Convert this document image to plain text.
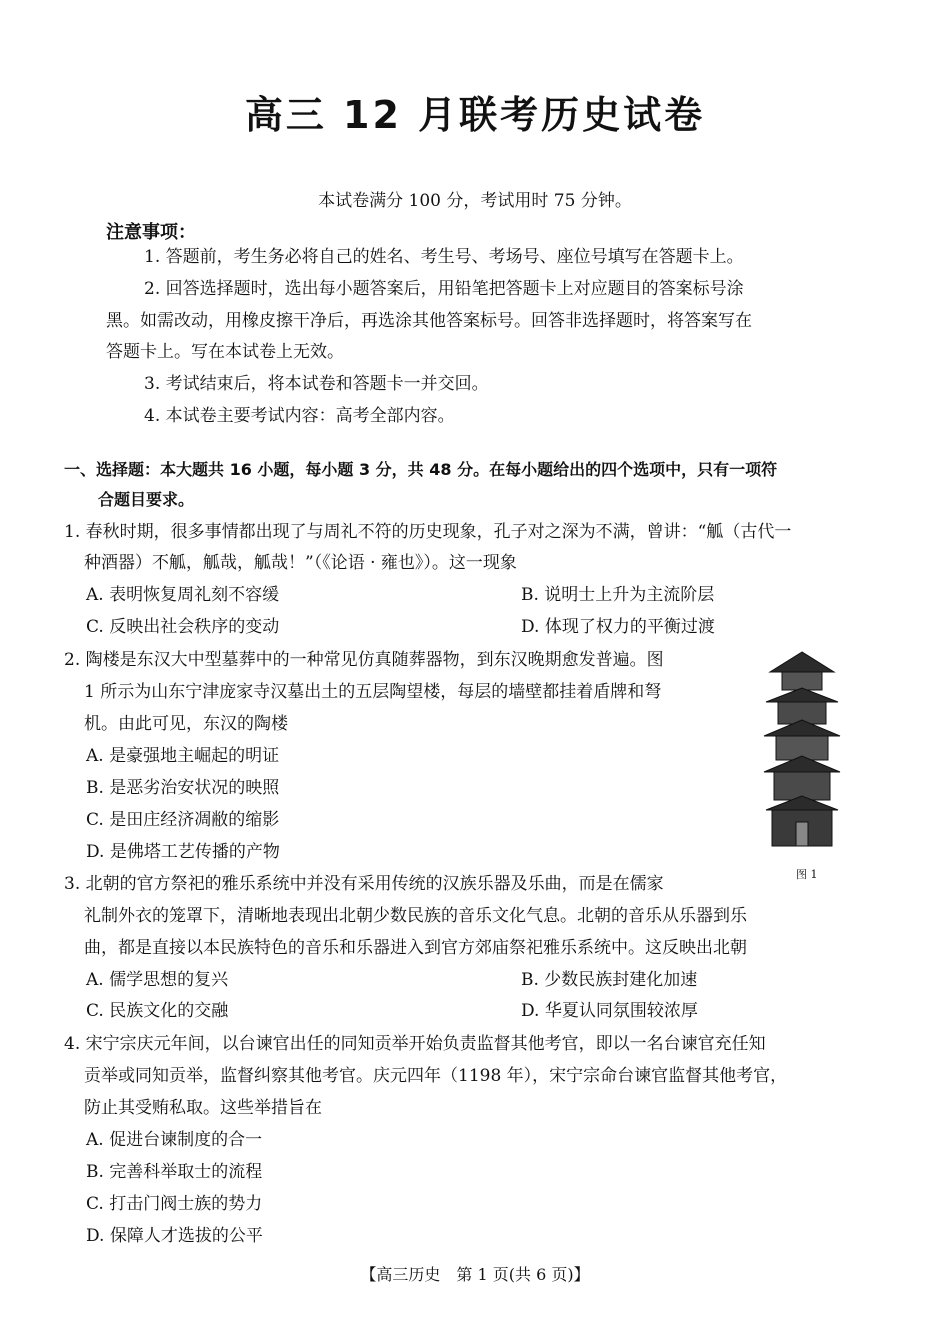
高三 12 月联考历史试卷
本试卷满分 100 分，考试用时 75 分钟。
注意事项：
1. 答题前，考生务必将自己的姓名、考生号、考场号、座位号填写在答题卡上。
2. 回答选择题时，选出每小题答案后，用铅笔把答题卡上对应题目的答案标号涂
黑。如需改动，用橡皮擦干净后，再选涂其他答案标号。回答非选择题时，将答案写在
答题卡上。写在本试卷上无效。
3. 考试结束后，将本试卷和答题卡一并交回。
4. 本试卷主要考试内容：高考全部内容。
一、选择题：本大题共 16 小题，每小题 3 分，共 48 分。在每小题给出的四个选项中，只有一项符
合题目要求。
1. 春秋时期，很多事情都出现了与周礼不符的历史现象，孔子对之深为不满，曾讲：“觚（古代一
种酒器）不觚，觚哉，觚哉！”（《论语 · 雍也》）。这一现象
A. 表明恢复周礼刻不容缓	B. 说明士上升为主流阶层
C. 反映出社会秩序的变动	D. 体现了权力的平衡过渡
2. 陶楼是东汉大中型墓葬中的一种常见仿真随葬器物，到东汉晚期愈发普遍。图
1 所示为山东宁津庞家寺汉墓出土的五层陶望楼，每层的墙壁都挂着盾牌和弩
机。由此可见，东汉的陶楼
A. 是豪强地主崛起的明证
B. 是恶劣治安状况的映照
C. 是田庄经济凋敝的缩影
D. 是佛塔工艺传播的产物
图 1
3. 北朝的官方祭祀的雅乐系统中并没有采用传统的汉族乐器及乐曲，而是在儒家
礼制外衣的笼罩下，清晰地表现出北朝少数民族的音乐文化气息。北朝的音乐从乐器到乐
曲，都是直接以本民族特色的音乐和乐器进入到官方郊庙祭祀雅乐系统中。这反映出北朝
A. 儒学思想的复兴	B. 少数民族封建化加速
C. 民族文化的交融	D. 华夏认同氛围较浓厚
4. 宋宁宗庆元年间，以台谏官出任的同知贡举开始负责监督其他考官，即以一名台谏官充任知
贡举或同知贡举，监督纠察其他考官。庆元四年（1198 年），宋宁宗命台谏官监督其他考官，
防止其受贿私取。这些举措旨在
A. 促进台谏制度的合一
B. 完善科举取士的流程
C. 打击门阀士族的势力
D. 保障人才选拔的公平
【高三历史　第 1 页(共 6 页)】
